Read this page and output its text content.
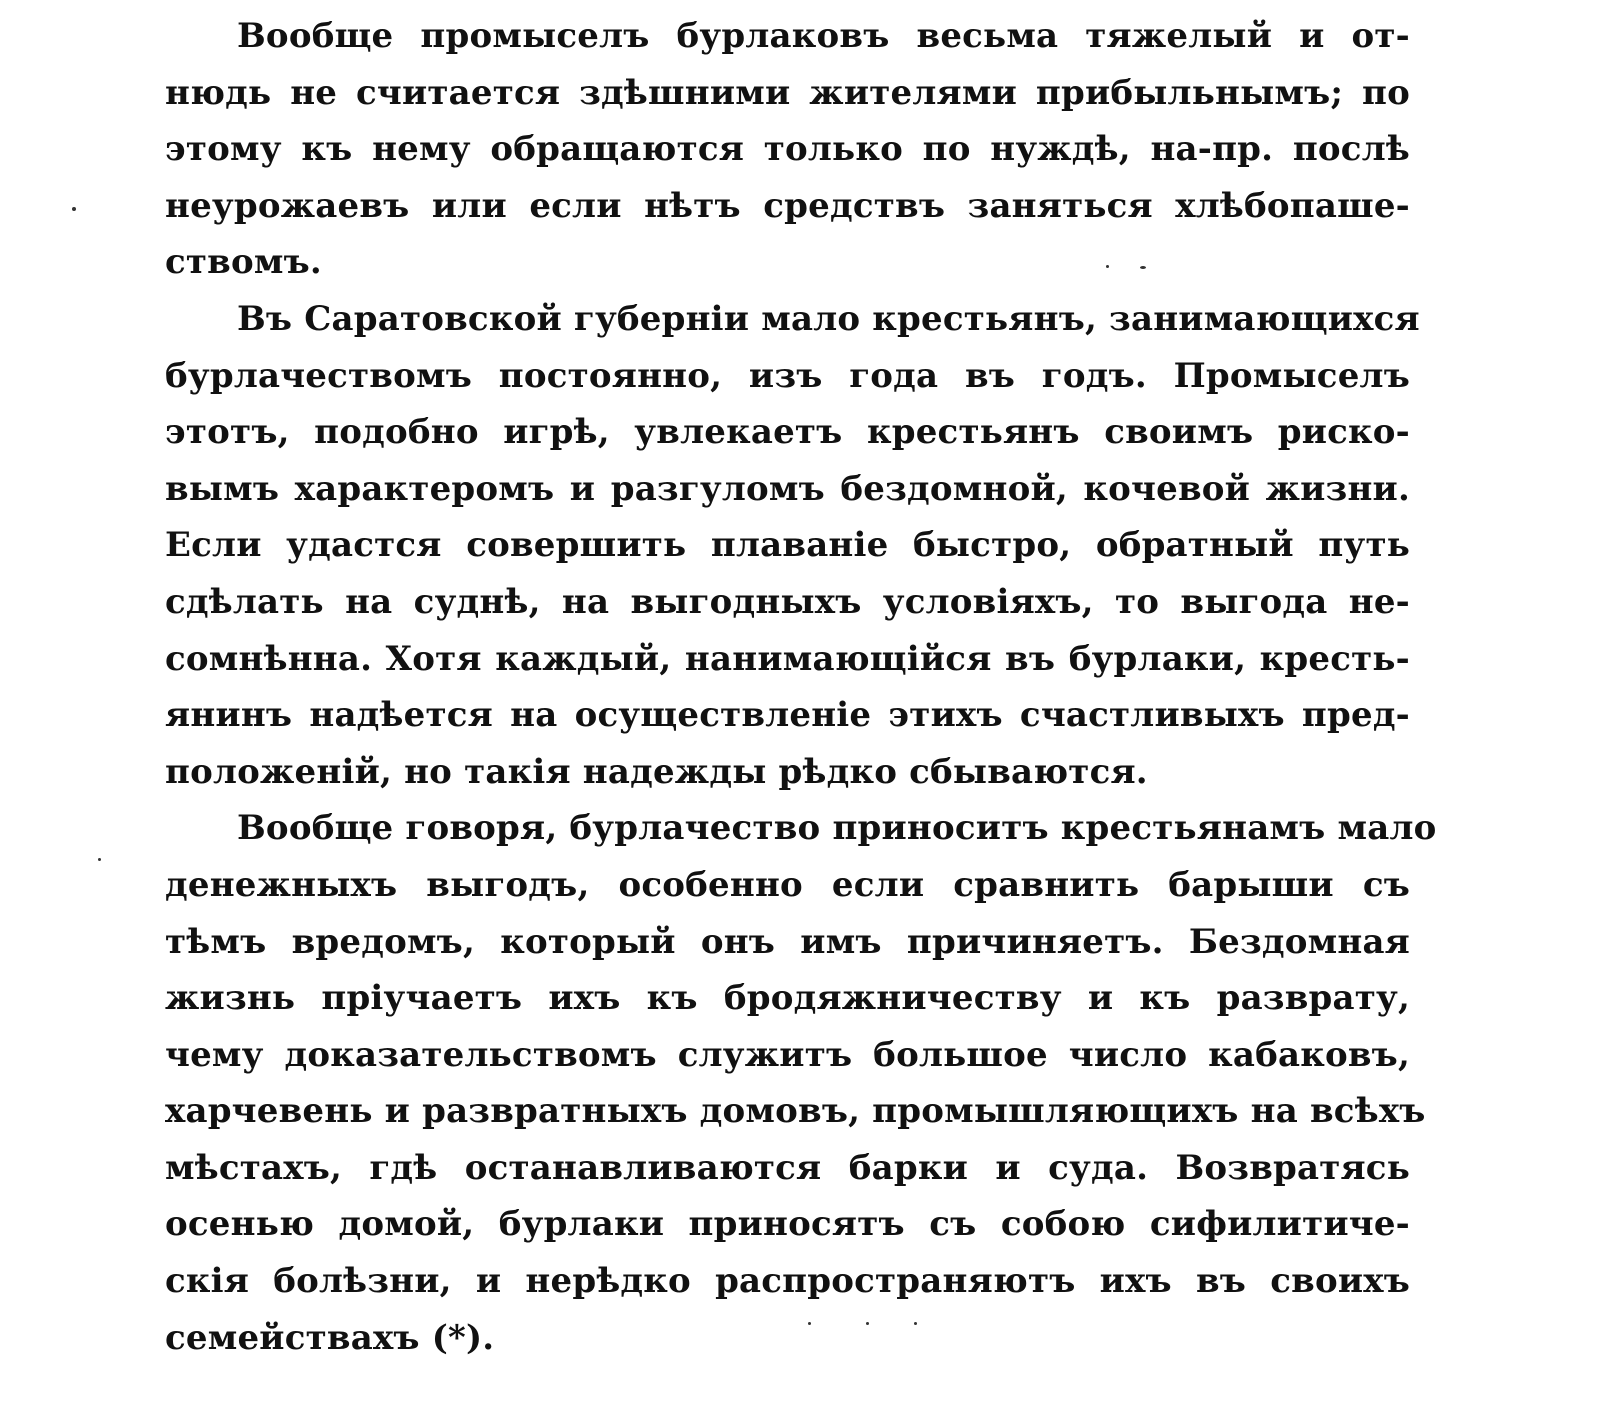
Вообще промыселъ бурлаковъ весьма тяжелый и от-
нюдь не считается здѣшними жителями прибыльнымъ; по
этому къ нему обращаются только по нуждѣ, на-пр. послѣ
неурожаевъ или если нѣтъ средствъ заняться хлѣбопаше-
ствомъ.
Въ Саратовской губерніи мало крестьянъ, занимающихся
бурлачествомъ постоянно, изъ года въ годъ. Промыселъ
этотъ, подобно игрѣ, увлекаетъ крестьянъ своимъ риско-
вымъ характеромъ и разгуломъ бездомной, кочевой жизни.
Если удастся совершить плаваніе быстро, обратный путь
сдѣлать на суднѣ, на выгодныхъ условіяхъ, то выгода не-
сомнѣнна. Хотя каждый, нанимающійся въ бурлаки, кресть-
янинъ надѣется на осуществленіе этихъ счастливыхъ пред-
положеній, но такія надежды рѣдко сбываются.
Вообще говоря, бурлачество приноситъ крестьянамъ мало
денежныхъ выгодъ, особенно если сравнить барыши съ
тѣмъ вредомъ, который онъ имъ причиняетъ. Бездомная
жизнь пріучаетъ ихъ къ бродяжничеству и къ разврату,
чему доказательствомъ служитъ большое число кабаковъ,
харчевень и развратныхъ домовъ, промышляющихъ на всѣхъ
мѣстахъ, гдѣ останавливаются барки и суда. Возвратясь
осенью домой, бурлаки приносятъ съ собою сифилитиче-
скія болѣзни, и нерѣдко распространяютъ ихъ въ своихъ
семействахъ (*).
